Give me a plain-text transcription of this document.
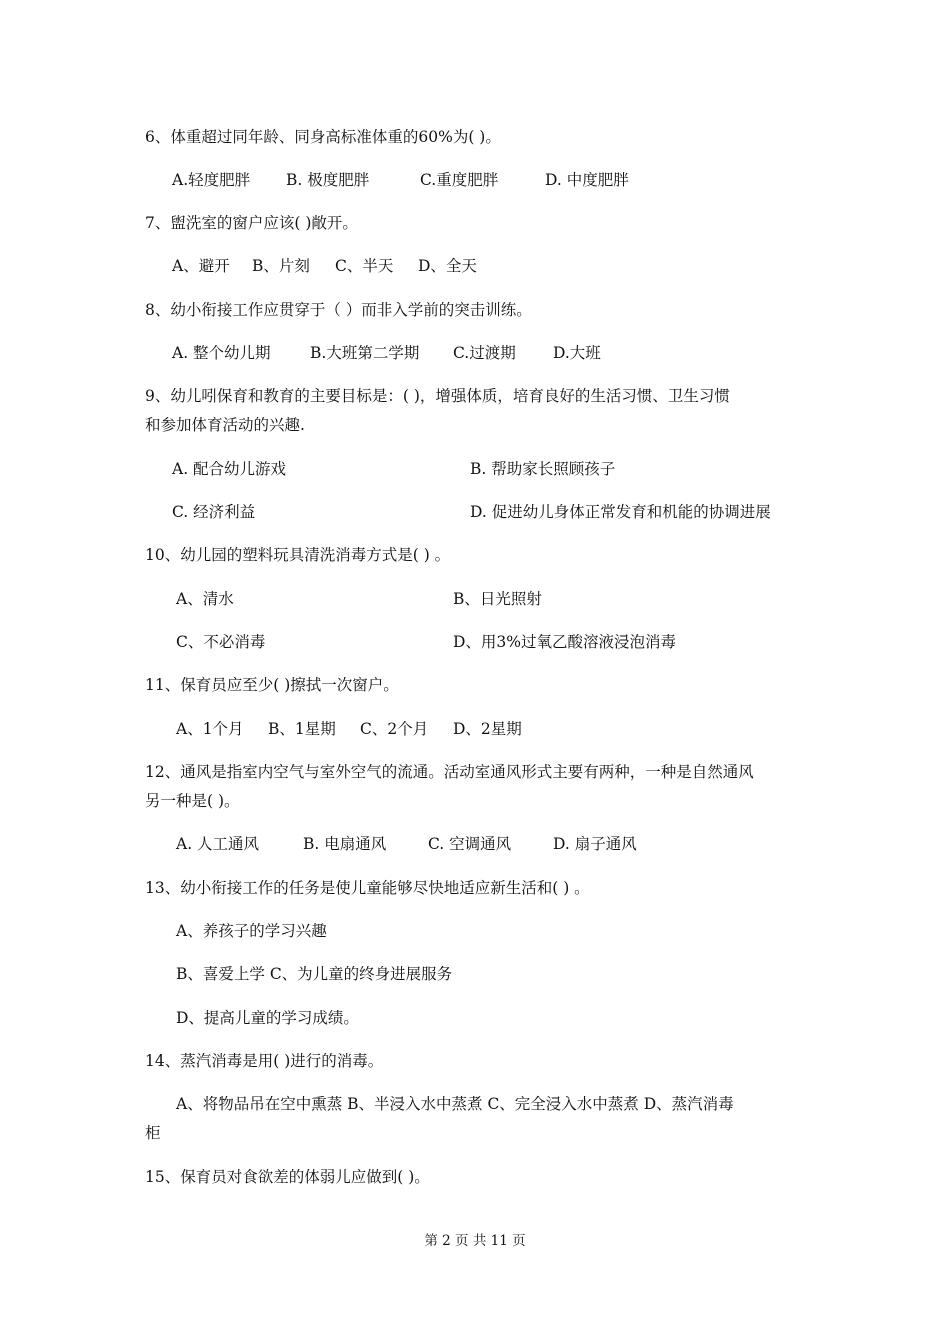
6、体重超过同年龄、同身高标准体重的60%为( )。
A.轻度肥胖 B. 极度肥胖	C.重度肥胖	D. 中度肥胖
7、盥洗室的窗户应该( )敞开。
A、避开 B、片刻 C、半天 D、全天
8、幼小衔接工作应贯穿于（ ）而非入学前的突击训练。
A. 整个幼儿期	B.大班第二学期 C.过渡期 D.大班
9、幼儿吲保育和教育的主要目标是：( )，增强体质，培育良好的生活习惯、卫生习惯
和参加体育活动的兴趣.
A. 配合幼儿游戏	B. 帮助家长照顾孩子
C. 经济利益	D. 促进幼儿身体正常发育和机能的协调进展
10、幼儿园的塑料玩具清洗消毒方式是( ) 。
A、清水	B、日光照射
C、不必消毒	D、用3%过氧乙酸溶液浸泡消毒
11、保育员应至少( )擦拭一次窗户。
A、1个月 B、1星期 C、2个月 D、2星期
12、通风是指室内空气与室外空气的流通。活动室通风形式主要有两种，一种是自然通风
另一种是( )。
A. 人工通风	B. 电扇通风	C. 空调通风	D. 扇子通风
13、幼小衔接工作的任务是使儿童能够尽快地适应新生活和( ) 。
A、养孩子的学习兴趣
B、喜爱上学 C、为儿童的终身进展服务
D、提高儿童的学习成绩。
14、蒸汽消毒是用( )进行的消毒。
A、将物品吊在空中熏蒸 B、半浸入水中蒸煮 C、完全浸入水中蒸煮 D、蒸汽消毒
柜
15、保育员对食欲差的体弱儿应做到( )。
第 2 页 共 11 页
